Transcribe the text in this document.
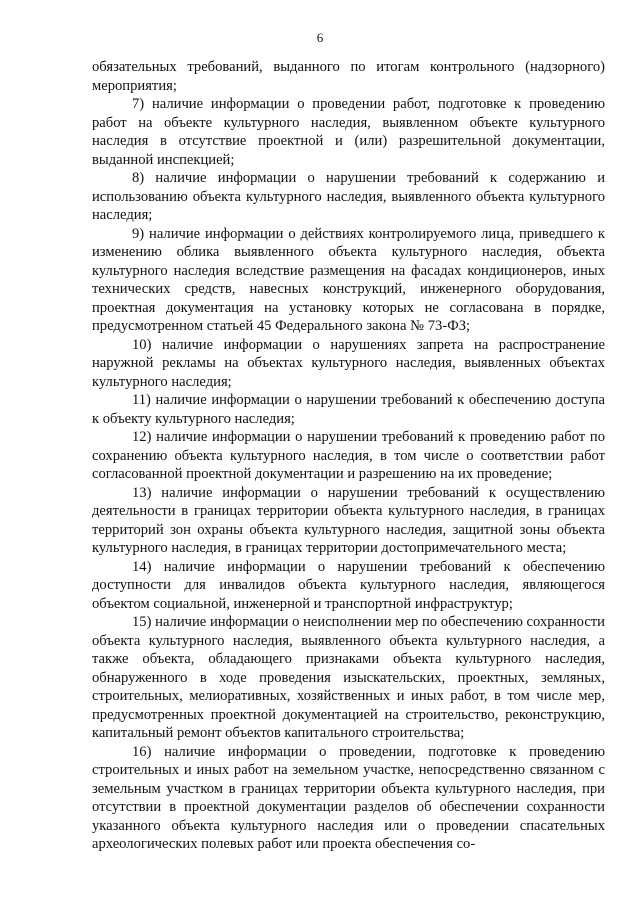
6

обязательных требований, выданного по итогам контрольного (надзорного) мероприятия;

7) наличие информации о проведении работ, подготовке к проведению работ на объекте культурного наследия, выявленном объекте культурного наследия в отсутствие проектной и (или) разрешительной документации, выданной инспекцией;

8) наличие информации о нарушении требований к содержанию и использованию объекта культурного наследия, выявленного объекта культурного наследия;

9) наличие информации о действиях контролируемого лица, приведшего к изменению облика выявленного объекта культурного наследия, объекта культурного наследия вследствие размещения на фасадах кондиционеров, иных технических средств, навесных конструкций, инженерного оборудования, проектная документация на установку которых не согласована в порядке, предусмотренном статьей 45 Федерального закона № 73-ФЗ;

10) наличие информации о нарушениях запрета на распространение наружной рекламы на объектах культурного наследия, выявленных объектах культурного наследия;

11) наличие информации о нарушении требований к обеспечению доступа к объекту культурного наследия;

12) наличие информации о нарушении требований к проведению работ по сохранению объекта культурного наследия, в том числе о соответствии работ согласованной проектной документации и разрешению на их проведение;

13) наличие информации о нарушении требований к осуществлению деятельности в границах территории объекта культурного наследия, в границах территорий зон охраны объекта культурного наследия, защитной зоны объекта культурного наследия, в границах территории достопримечательного места;

14) наличие информации о нарушении требований к обеспечению доступности для инвалидов объекта культурного наследия, являющегося объектом социальной, инженерной и транспортной инфраструктур;

15) наличие информации о неисполнении мер по обеспечению сохранности объекта культурного наследия, выявленного объекта культурного наследия, а также объекта, обладающего признаками объекта культурного наследия, обнаруженного в ходе проведения изыскательских, проектных, земляных, строительных, мелиоративных, хозяйственных и иных работ, в том числе мер, предусмотренных проектной документацией на строительство, реконструкцию, капитальный ремонт объектов капитального строительства;

16) наличие информации о проведении, подготовке к проведению строительных и иных работ на земельном участке, непосредственно связанном с земельным участком в границах территории объекта культурного наследия, при отсутствии в проектной документации разделов об обеспечении сохранности указанного объекта культурного наследия или о проведении спасательных археологических полевых работ или проекта обеспечения со-
